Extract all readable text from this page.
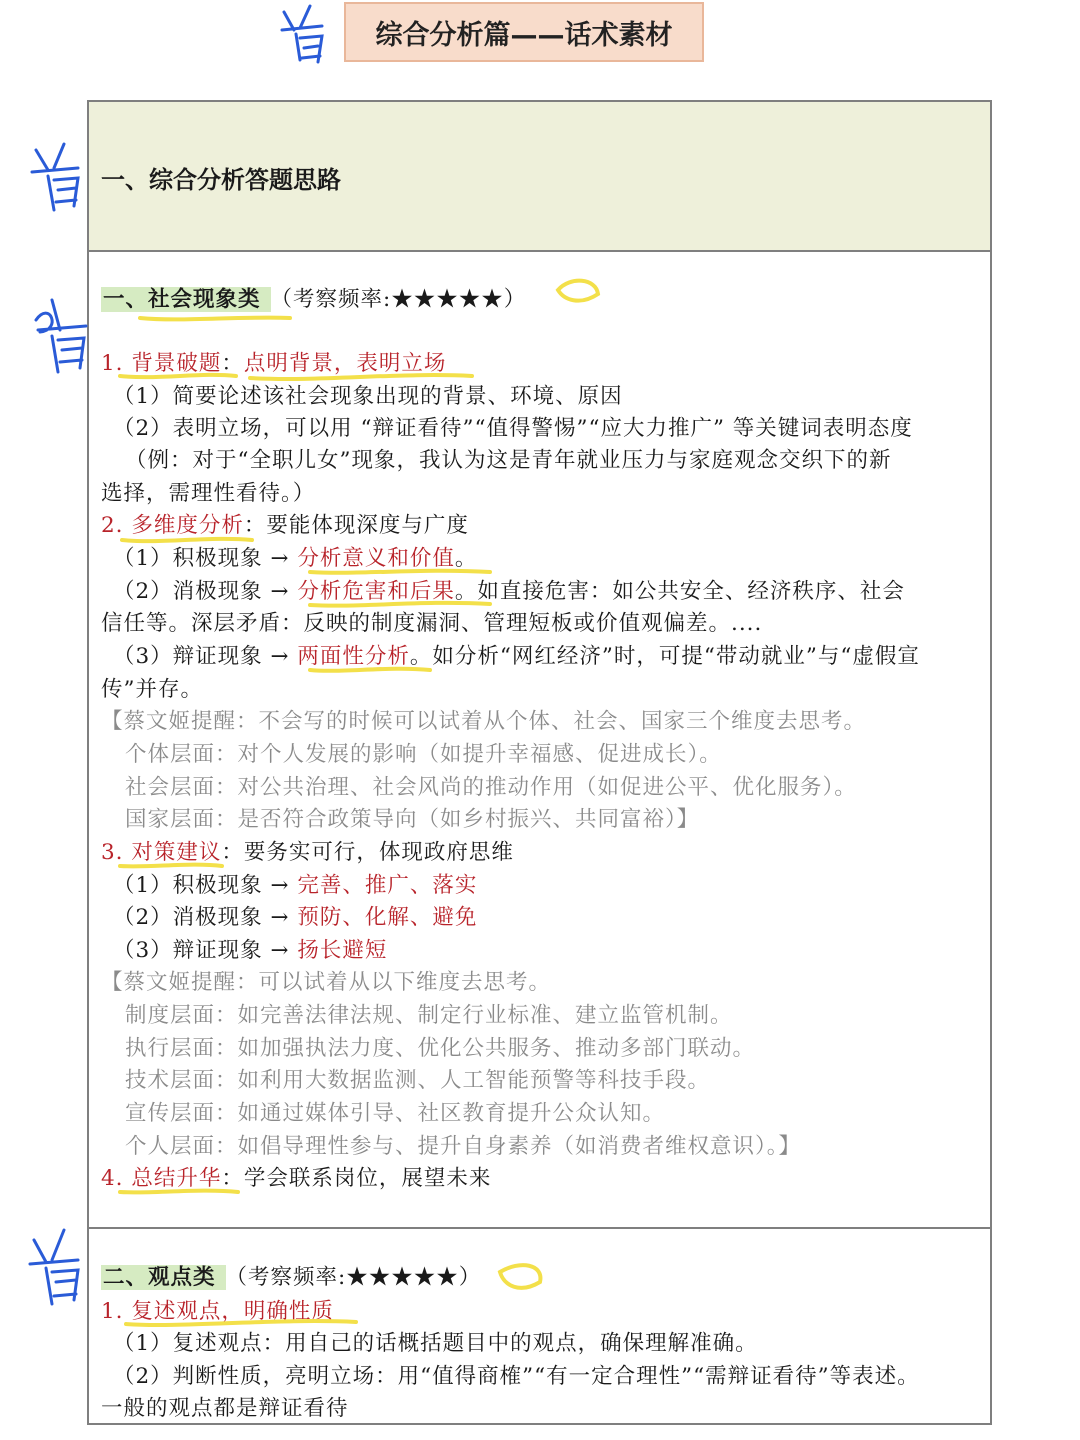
综合分析篇——话术素材
一、综合分析答题思路
一、社会现象类 （考察频率:★★★★★）
1. 背景破题：点明背景，表明立场
（1）简要论述该社会现象出现的背景、环境、原因
（2）表明立场，可以用 “辩证看待”“值得警惕”“应大力推广” 等关键词表明态度
（例：对于“全职儿女”现象，我认为这是青年就业压力与家庭观念交织下的新
选择，需理性看待。）
2. 多维度分析：要能体现深度与广度
（1）积极现象 → 分析意义和价值。
（2）消极现象 → 分析危害和后果。如直接危害：如公共安全、经济秩序、社会
信任等。深层矛盾：反映的制度漏洞、管理短板或价值观偏差。....
（3）辩证现象 → 两面性分析。如分析“网红经济”时，可提“带动就业”与“虚假宣
传”并存。
【蔡文姬提醒：不会写的时候可以试着从个体、社会、国家三个维度去思考。
个体层面：对个人发展的影响（如提升幸福感、促进成长）。
社会层面：对公共治理、社会风尚的推动作用（如促进公平、优化服务）。
国家层面：是否符合政策导向（如乡村振兴、共同富裕）】
3. 对策建议：要务实可行，体现政府思维
（1）积极现象 → 完善、推广、落实
（2）消极现象 → 预防、化解、避免
（3）辩证现象 → 扬长避短
【蔡文姬提醒：可以试着从以下维度去思考。
制度层面：如完善法律法规、制定行业标准、建立监管机制。
执行层面：如加强执法力度、优化公共服务、推动多部门联动。
技术层面：如利用大数据监测、人工智能预警等科技手段。
宣传层面：如通过媒体引导、社区教育提升公众认知。
个人层面：如倡导理性参与、提升自身素养（如消费者维权意识）。】
4. 总结升华：学会联系岗位，展望未来
二、观点类 （考察频率:★★★★★）
1. 复述观点，明确性质
（1）复述观点：用自己的话概括题目中的观点，确保理解准确。
（2）判断性质，亮明立场：用“值得商榷”“有一定合理性”“需辩证看待”等表述。
一般的观点都是辩证看待
